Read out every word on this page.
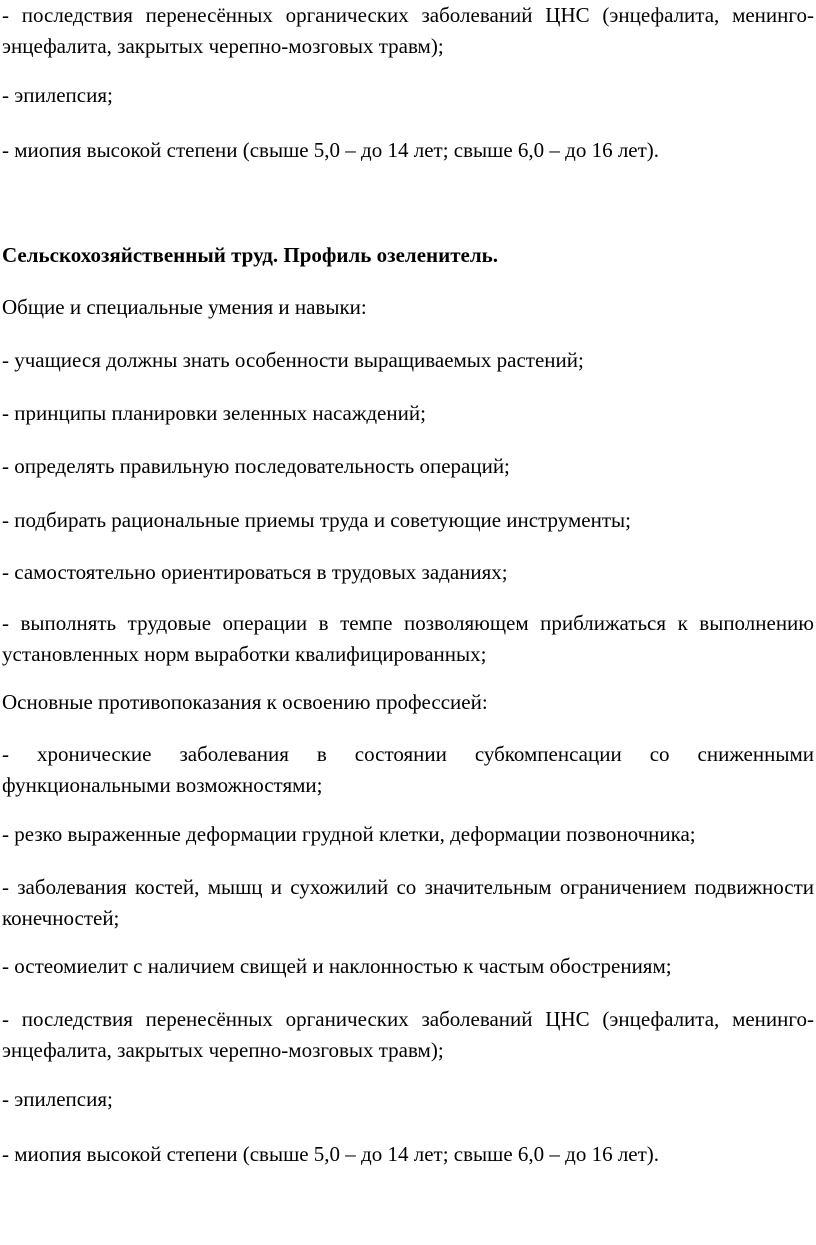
- последствия перенесённых органических заболеваний ЦНС (энцефалита, менинго-энцефалита, закрытых черепно-мозговых травм);

- эпилепсия;

- миопия высокой степени (свыше 5,0 – до 14 лет; свыше 6,0 – до 16 лет).

Сельскохозяйственный труд. Профиль озеленитель.

Общие и специальные умения и навыки:

- учащиеся должны знать особенности выращиваемых растений;

- принципы планировки зеленных насаждений;

- определять правильную последовательность операций;

- подбирать рациональные приемы труда и советующие инструменты;

- самостоятельно ориентироваться в трудовых заданиях;

- выполнять трудовые операции в темпе позволяющем приближаться к выполнению установленных норм выработки квалифицированных;

Основные противопоказания к освоению профессией:

- хронические заболевания в состоянии субкомпенсации со сниженными функциональными возможностями;

- резко выраженные деформации грудной клетки, деформации позвоночника;

- заболевания костей, мышц и сухожилий со значительным ограничением подвижности конечностей;

- остеомиелит с наличием свищей и наклонностью к частым обострениям;

- последствия перенесённых органических заболеваний ЦНС (энцефалита, менинго-энцефалита, закрытых черепно-мозговых травм);

- эпилепсия;

- миопия высокой степени (свыше 5,0 – до 14 лет; свыше 6,0 – до 16 лет).
